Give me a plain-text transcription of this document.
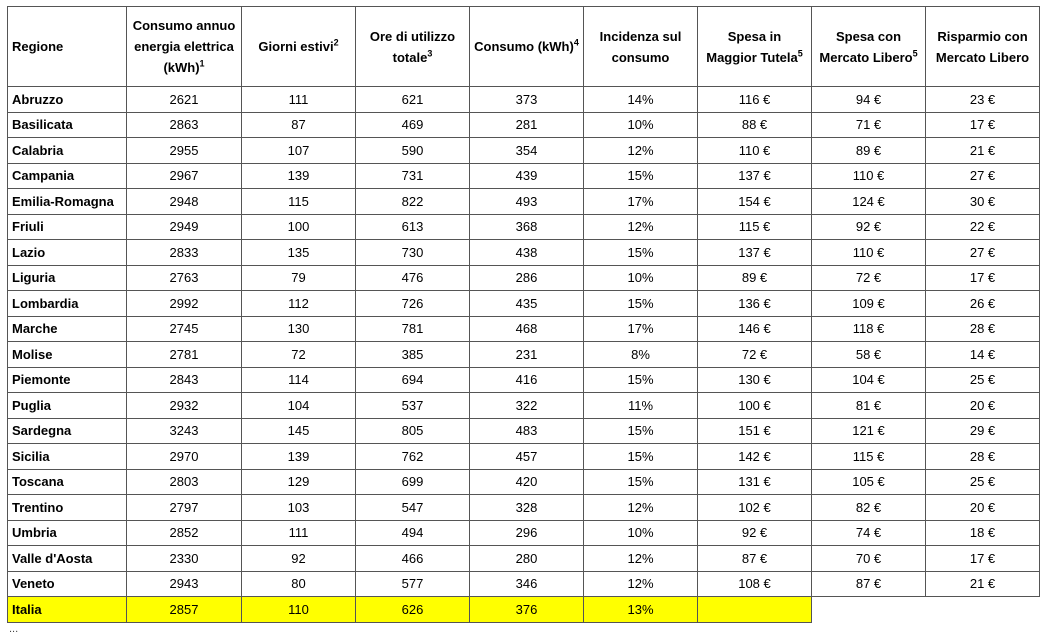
Regione	Consumo annuo energia elettrica (kWh)$^1$	Giorni estivi$^2$	Ore di utilizzo totale$^3$	Consumo (kWh)$^4$	Incidenza sul consumo	Spesa in Maggior Tutela$^5$	Spesa con Mercato Libero$^5$	Risparmio con Mercato Libero
Abruzzo	2621	111	621	373	14%	116 €	94 €	23 €
Basilicata	2863	87	469	281	10%	88 €	71 €	17 €
Calabria	2955	107	590	354	12%	110 €	89 €	21 €
Campania	2967	139	731	439	15%	137 €	110 €	27 €
Emilia-Romagna	2948	115	822	493	17%	154 €	124 €	30 €
Friuli	2949	100	613	368	12%	115 €	92 €	22 €
Lazio	2833	135	730	438	15%	137 €	110 €	27 €
Liguria	2763	79	476	286	10%	89 €	72 €	17 €
Lombardia	2992	112	726	435	15%	136 €	109 €	26 €
Marche	2745	130	781	468	17%	146 €	118 €	28 €
Molise	2781	72	385	231	8%	72 €	58 €	14 €
Piemonte	2843	114	694	416	15%	130 €	104 €	25 €
Puglia	2932	104	537	322	11%	100 €	81 €	20 €
Sardegna	3243	145	805	483	15%	151 €	121 €	29 €
Sicilia	2970	139	762	457	15%	142 €	115 €	28 €
Toscana	2803	129	699	420	15%	131 €	105 €	25 €
Trentino	2797	103	547	328	12%	102 €	82 €	20 €
Umbria	2852	111	494	296	10%	92 €	74 €	18 €
Valle d'Aosta	2330	92	466	280	12%	87 €	70 €	17 €
Veneto	2943	80	577	346	12%	108 €	87 €	21 €
Italia	2857	110	626	376	13%			
...
